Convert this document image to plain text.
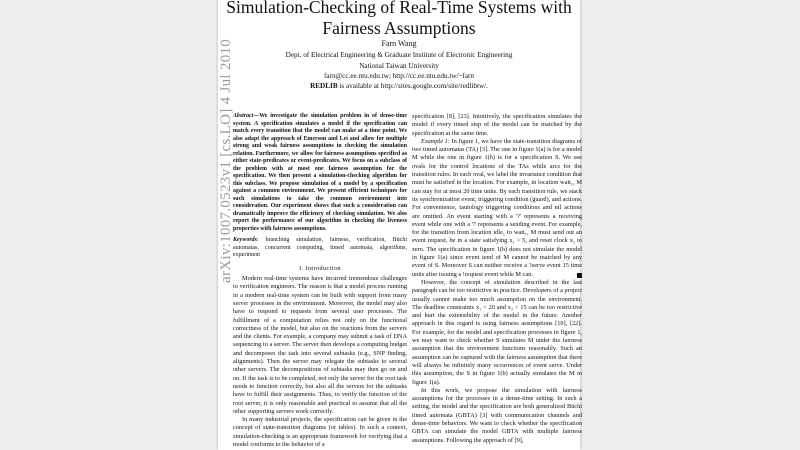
arXiv:1007.0523v1 [cs.LO] 4 Jul 2010
Simulation-Checking of Real-Time Systems with Fairness Assumptions
Farn Wang
Dept. of Electrical Engineering & Graduate Institute of Electronic Engineering
National Taiwan University
farn@cc.ee.ntu.edu.tw; http://cc.ee.ntu.edu.tw/~farn
REDLIB is available at http://sites.google.com/site/redlibtw/.
Abstract—We investigate the simulation problem in of dense-time system. A specification simulates a model if the specification can match every transition that the model can make at a time point. We also adapt the approach of Emerson and Lei and allow for multiple strong and weak fairness assumptions in checking the simulation relation. Furthermore, we allow for fairness assumptions specified as either state-predicates or event-predicates. We focus on a subclass of the problem with at most one fairness assumption for the specification. We then present a simulation-checking algorithm for this subclass. We propose simulation of a model by a specification against a common environment. We present efficient techniques for such simulations to take the common environment into consideration. Our experiment shows that such a consideration can dramatically improve the efficiency of checking simulation. We also report the performance of our algorithm in checking the liveness properties with fairness assumptions.
Keywords: branching simulation, fairness, verification, Büchi automatas, concurrent computing, timed automata, algorithms, experiment
I. Introduction

Modern real-time systems have incurred tremendous challenges to verification engineers. The reason is that a model process running in a modern real-time system can be built with support from many server processes in the environment. Moreover, the model may also have to respond to requests from several user processes. The fulfillment of a computation relies not only on the functional correctness of the model, but also on the reactions from the servers and the clients. For example, a company may submit a task of DNA sequencing to a server. The server then develops a computing budget and decomposes the task into several subtasks (e.g., SNP finding, alignments). Then the server may relegate the subtasks to several other servers. The decompositions of subtasks may then go on and on. If the task is to be completed, not only the server for the root task needs to function correctly, but also all the servers for the subtasks have to fulfill their assignments. Thus, to verify the function of the root server, it is only reasonable and practical to assume that all the other supporting servers work correctly.

In many industrial projects, the specification can be given in the concept of state-transition diagrams (or tables). In such a context, simulation-checking is an appropriate framework for verifying that a model conforms to the behavior of a

specification [8], [23]. Intuitively, the specification simulates the model if every timed step of the model can be matched by the specification at the same time.

Example 1: In figure 1, we have the state-transition diagrams of two timed automatas (TA) [3]. The one in figure 1(a) is for a model M while the one in figure 1(b) is for a specification S. We use ovals for the control locations of the TAs while arcs for the transition rules. In each oval, we label the invariance condition that must be satisfied in the location. For example, in location wait₁, M can stay for at most 20 time units. By each transition rule, we stack its synchronization event, triggering condition (guard), and actions. For convenience, tautology triggering conditions and nil actions are omitted. An event starting with a '?' represents a receiving event while one with a '!' represents a sending event. For example, for the transition from location idle₁ to wait₁, M must send out an event request, be in a state satisfying x₁ > 5, and reset clock x₁ to zero. The specification in figure 1(b) does not simulate the model in figure 1(a) since event tend of M cannot be matched by any event of S. Moreover S can neither receive a ?serve event 15 time units after issuing a !request event while M can.

However, the concept of simulation described in the last paragraph can be too restrictive in practice. Developers of a project usually cannot make too much assumption on the environment. The deadline constraints x₁ < 20 and x₂ < 15 can be too restrictive and hurt the extensibility of the model in the future. Another approach in this regard is using fairness assumptions [10], [22]. For example, for the model and specification processes in figure 1, we may want to check whether S simulates M under the fairness assumption that the environment functions reasonably. Such an assumption can be captured with the fairness assumption that there will always be infinitely many occurrences of event serve. Under this assumption, the S in figure 1(b) actually simulates the M in figure 1(a).

In this work, we propose the simulation with fairness assumptions for the processes in a dense-time setting. In such a setting, the model and the specification are both generalized Büchi timed automata (GBTA) [3] with communication channels and dense-time behaviors. We want to check whether the specification GBTA can simulate the model GBTA with multiple fairness assumptions. Following the approach of [9],
